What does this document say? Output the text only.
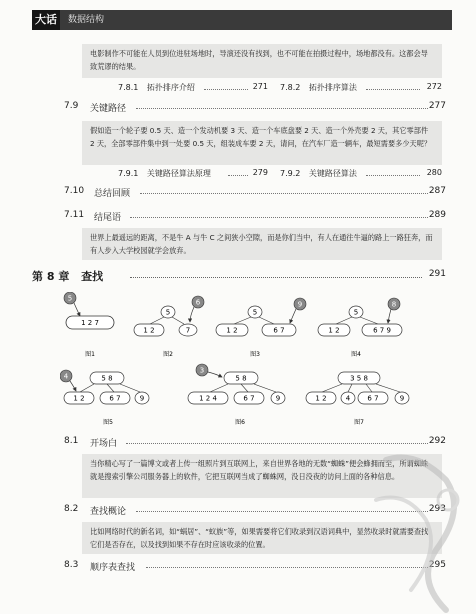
大话	数据结构
电影制作不可能在人员到位进驻场地时，导演还没有找到，也不可能在拍摄过程中，场地都没有。这都会导致荒谬的结果。
7.8.1 拓扑排序介绍	271 7.8.2 拓扑排序算法	272
7.9 关键路径	277
假如造一个轮子要 0.5 天、造一个发动机要 3 天、造一个车底盘要 2 天、造一个外壳要 2 天，其它零部件 2 天，全部零部件集中到一处要 0.5 天，组装成车要 2 天，请问，在汽车厂造一辆车，最短需要多少天呢？
7.9.1 关键路径算法原理	279 7.9.2 关键路径算法	280
7.10 总结回顾	287
7.11 结尾语	289
世界上最遥远的距离，不是牛 A 与牛 C 之间狭小空隙，而是你们当中，有人在通往牛逼的路上一路狂奔，而有人步入大学校园就学会放弃。
第 8 章 查找	291
5
1 2 7
图1
5
1 2	7
6
图2
5
1 2	6 7
9
图3
5
1 2	6 7 9
8
图4
5 8
1 2	6 7	9
4
图5
5 8
1 2 4	6 7	9
3
图6
3 5 8
1 2	4 6 7	9
图7
8.1 开场白	292
当你精心写了一篇博文或者上传一组照片到互联网上，来自世界各地的无数“蜘蛛”便会蜂拥而至，所谓蜘蛛就是搜索引擎公司服务器上的软件，它把互联网当成了蜘蛛网，没日没夜的访问上面的各种信息。
8.2 查找概论	293
比如网络时代的新名词，如“蜗居”、“蚁族”等，如果需要将它们收录到汉语词典中，显然收录时就需要查找它们是否存在，以及找到如果不存在时应该收录的位置。
8.3 顺序表查找	295
